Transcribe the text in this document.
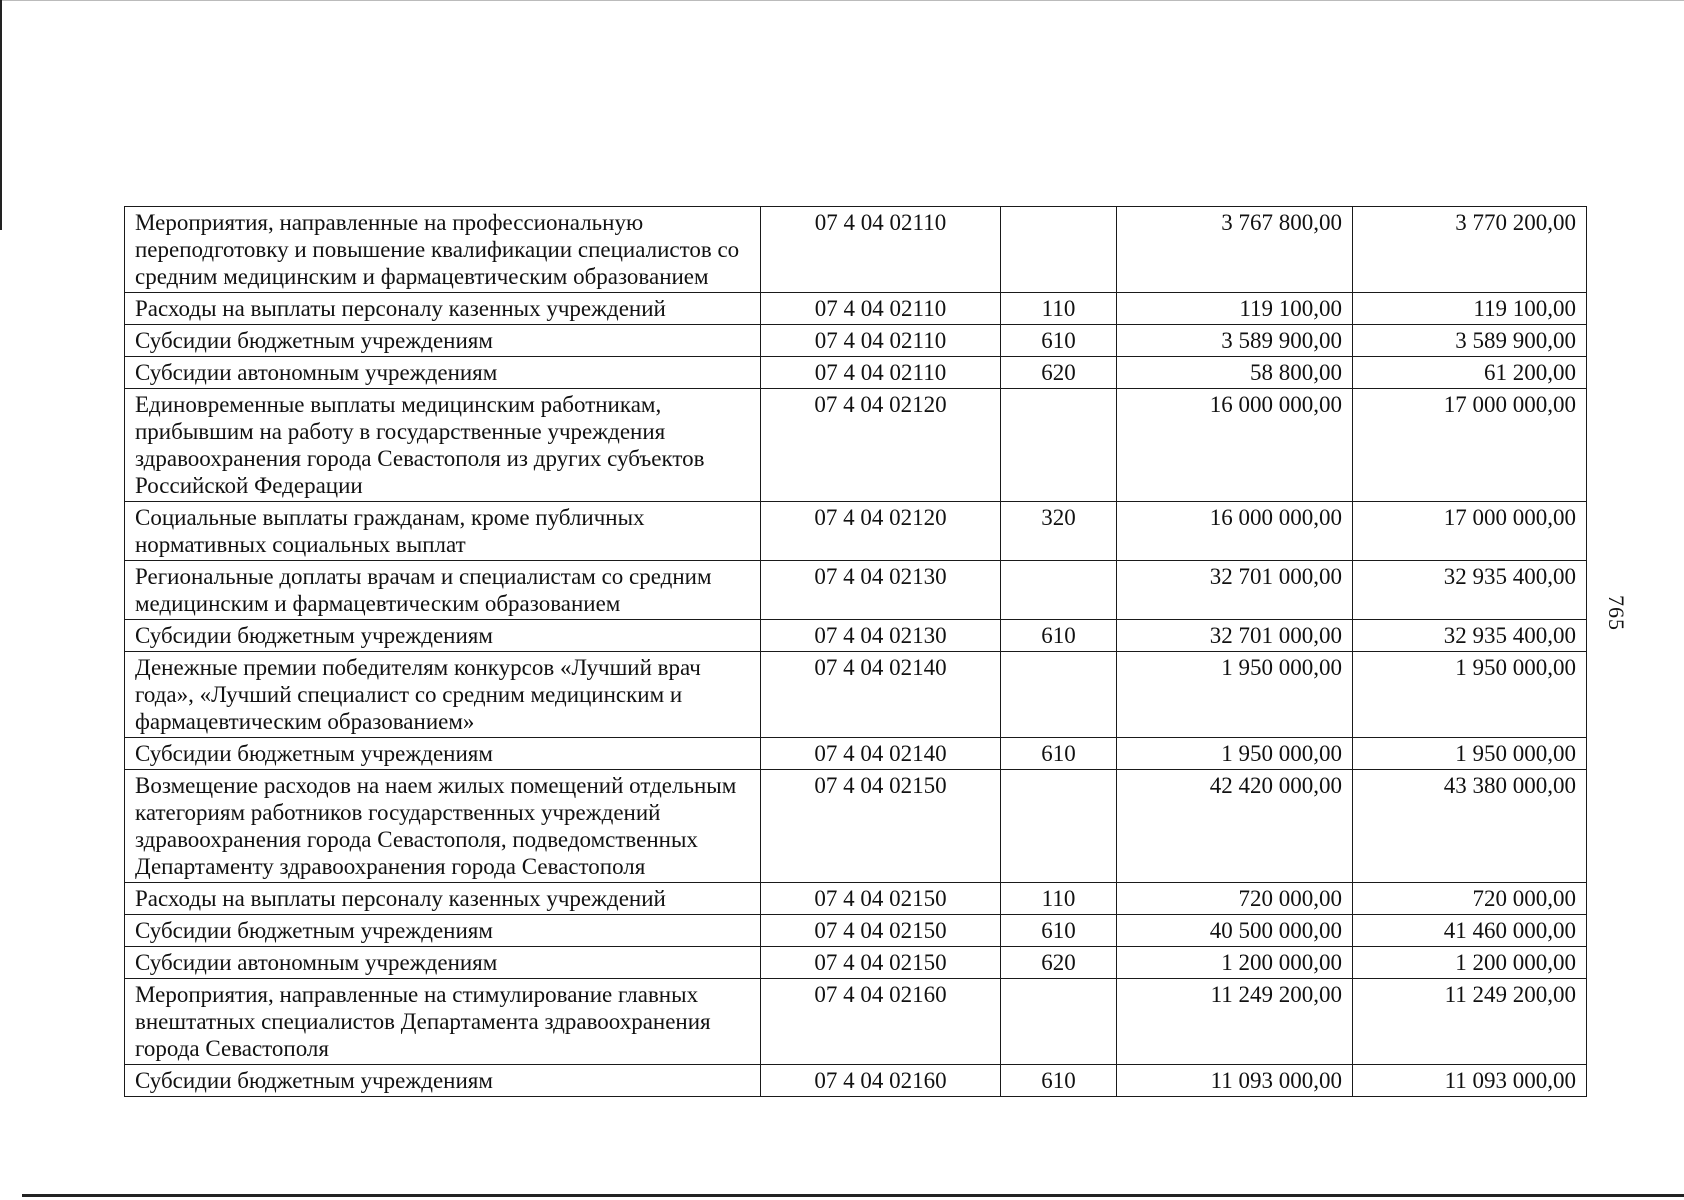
Мероприятия, направленные на профессиональную переподготовку и повышение квалификации специалистов со средним медицинским и фармацевтическим образованием	07 4 04 02110		3 767 800,00	3 770 200,00
Расходы на выплаты персоналу казенных учреждений	07 4 04 02110	110	119 100,00	119 100,00
Субсидии бюджетным учреждениям	07 4 04 02110	610	3 589 900,00	3 589 900,00
Субсидии автономным учреждениям	07 4 04 02110	620	58 800,00	61 200,00
Единовременные выплаты медицинским работникам, прибывшим на работу в государственные учреждения здравоохранения города Севастополя из других субъектов Российской Федерации	07 4 04 02120		16 000 000,00	17 000 000,00
Социальные выплаты гражданам, кроме публичных нормативных социальных выплат	07 4 04 02120	320	16 000 000,00	17 000 000,00
Региональные доплаты врачам и специалистам со средним медицинским и фармацевтическим образованием	07 4 04 02130		32 701 000,00	32 935 400,00
Субсидии бюджетным учреждениям	07 4 04 02130	610	32 701 000,00	32 935 400,00
Денежные премии победителям конкурсов «Лучший врач года», «Лучший специалист со средним медицинским и фармацевтическим образованием»	07 4 04 02140		1 950 000,00	1 950 000,00
Субсидии бюджетным учреждениям	07 4 04 02140	610	1 950 000,00	1 950 000,00
Возмещение расходов на наем жилых помещений отдельным категориям работников государственных учреждений здравоохранения города Севастополя, подведомственных Департаменту здравоохранения города Севастополя	07 4 04 02150		42 420 000,00	43 380 000,00
Расходы на выплаты персоналу казенных учреждений	07 4 04 02150	110	720 000,00	720 000,00
Субсидии бюджетным учреждениям	07 4 04 02150	610	40 500 000,00	41 460 000,00
Субсидии автономным учреждениям	07 4 04 02150	620	1 200 000,00	1 200 000,00
Мероприятия, направленные на стимулирование главных внештатных специалистов Департамента здравоохранения города Севастополя	07 4 04 02160		11 249 200,00	11 249 200,00
Субсидии бюджетным учреждениям	07 4 04 02160	610	11 093 000,00	11 093 000,00
765
